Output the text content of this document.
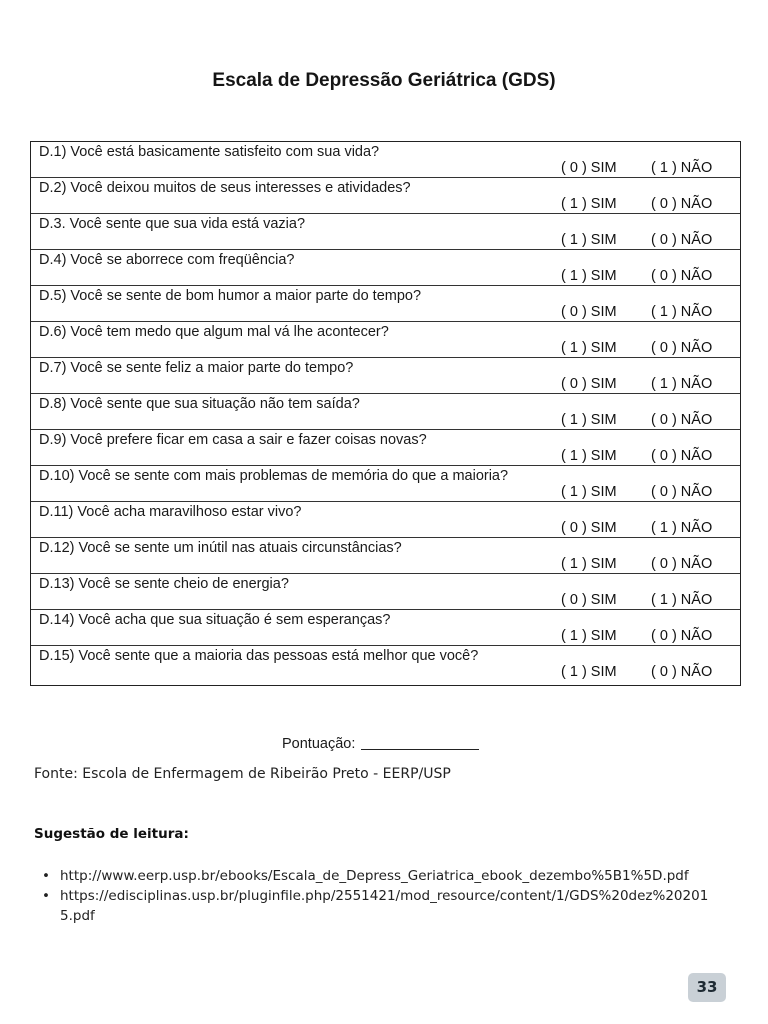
Escala de Depressão Geriátrica (GDS)
D.1) Você está basicamente satisfeito com sua vida?
( 0 ) SIM ( 1 ) NÃO
D.2) Você deixou muitos de seus interesses e atividades?
( 1 ) SIM ( 0 ) NÃO
D.3. Você sente que sua vida está vazia?
( 1 ) SIM ( 0 ) NÃO
D.4) Você se aborrece com freqüência?
( 1 ) SIM ( 0 ) NÃO
D.5) Você se sente de bom humor a maior parte do tempo?
( 0 ) SIM ( 1 ) NÃO
D.6) Você tem medo que algum mal vá lhe acontecer?
( 1 ) SIM ( 0 ) NÃO
D.7) Você se sente feliz a maior parte do tempo?
( 0 ) SIM ( 1 ) NÃO
D.8) Você sente que sua situação não tem saída?
( 1 ) SIM ( 0 ) NÃO
D.9) Você prefere ficar em casa a sair e fazer coisas novas?
( 1 ) SIM ( 0 ) NÃO
D.10) Você se sente com mais problemas de memória do que a maioria?
( 1 ) SIM ( 0 ) NÃO
D.11) Você acha maravilhoso estar vivo?
( 0 ) SIM ( 1 ) NÃO
D.12) Você se sente um inútil nas atuais circunstâncias?
( 1 ) SIM ( 0 ) NÃO
D.13) Você se sente cheio de energia?
( 0 ) SIM ( 1 ) NÃO
D.14) Você acha que sua situação é sem esperanças?
( 1 ) SIM ( 0 ) NÃO
D.15) Você sente que a maioria das pessoas está melhor que você?
( 1 ) SIM ( 0 ) NÃO
Pontuação:
Fonte: Escola de Enfermagem de Ribeirão Preto - EERP/USP
Sugestão de leitura:
• http://www.eerp.usp.br/ebooks/Escala_de_Depress_Geriatrica_ebook_dezembo%5B1%5D.pdf
• https://edisciplinas.usp.br/pluginfile.php/2551421/mod_resource/content/1/GDS%20dez%202015.pdf
33
